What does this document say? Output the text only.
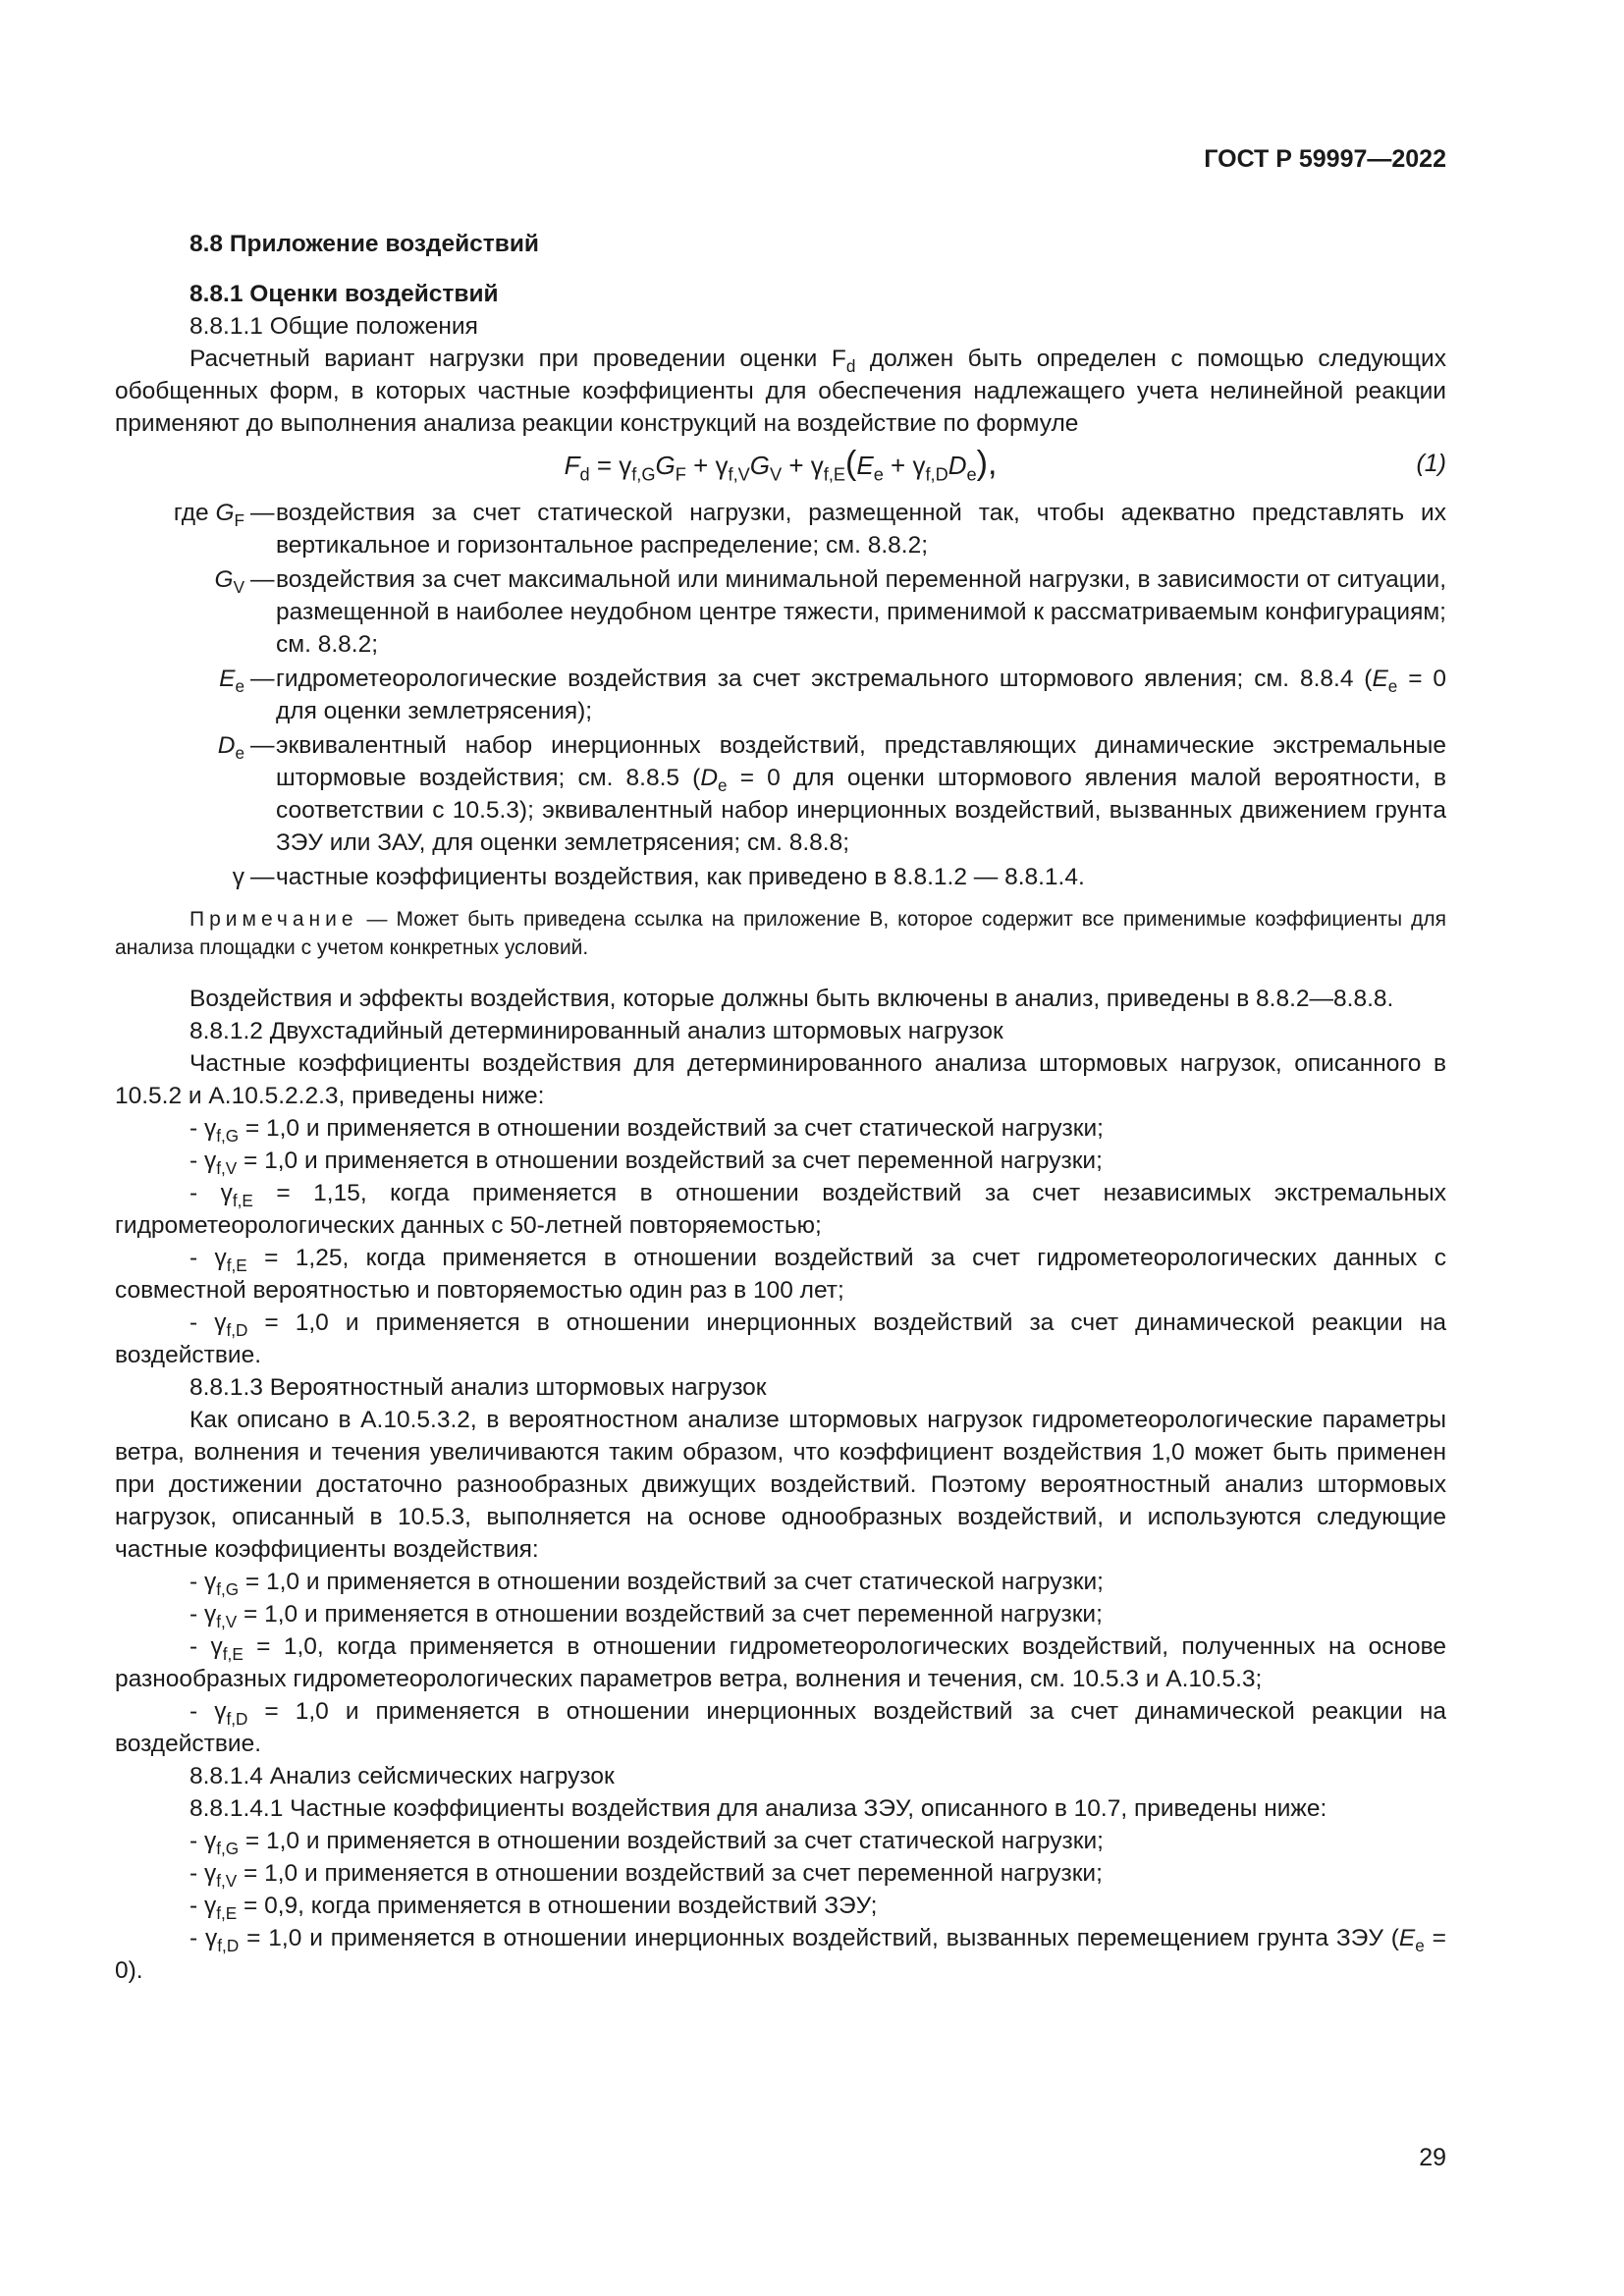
ГОСТ Р 59997—2022

8.8 Приложение воздействий

8.8.1 Оценки воздействий

8.8.1.1 Общие положения

Расчетный вариант нагрузки при проведении оценки $F_d$ должен быть определен с помощью следующих обобщенных форм, в которых частные коэффициенты для обеспечения надлежащего учета нелинейной реакции применяют до выполнения анализа реакции конструкций на воздействие по формуле

$F_d = \gamma_{f,G}G_F + \gamma_{f,V}G_V + \gamma_{f,E}(E_e + \gamma_{f,D}D_e)$,	(1)
где $G_F$ — воздействия за счет статической нагрузки, размещенной так, чтобы адекватно представлять их вертикальное и горизонтальное распределение; см. 8.8.2;
$G_V$ — воздействия за счет максимальной или минимальной переменной нагрузки, в зависимости от ситуации, размещенной в наиболее неудобном центре тяжести, применимой к рассматриваемым конфигурациям; см. 8.8.2;
$E_e$ — гидрометеорологические воздействия за счет экстремального штормового явления; см. 8.8.4 ($E_e = 0$ для оценки землетрясения);
$D_e$ — эквивалентный набор инерционных воздействий, представляющих динамические экстремальные штормовые воздействия; см. 8.8.5 ($D_e = 0$ для оценки штормового явления малой вероятности, в соответствии с 10.5.3); эквивалентный набор инерционных воздействий, вызванных движением грунта ЗЭУ или ЗАУ, для оценки землетрясения; см. 8.8.8;
γ — частные коэффициенты воздействия, как приведено в 8.8.1.2 — 8.8.1.4.

Примечание — Может быть приведена ссылка на приложение В, которое содержит все применимые коэффициенты для анализа площадки с учетом конкретных условий.

Воздействия и эффекты воздействия, которые должны быть включены в анализ, приведены в 8.8.2—8.8.8.

8.8.1.2 Двухстадийный детерминированный анализ штормовых нагрузок

Частные коэффициенты воздействия для детерминированного анализа штормовых нагрузок, описанного в 10.5.2 и А.10.5.2.2.3, приведены ниже:

- $\gamma_{f,G} = 1,0$ и применяется в отношении воздействий за счет статической нагрузки;

- $\gamma_{f,V} = 1,0$ и применяется в отношении воздействий за счет переменной нагрузки;

- $\gamma_{f,E} = 1,15$, когда применяется в отношении воздействий за счет независимых экстремальных гидрометеорологических данных с 50-летней повторяемостью;

- $\gamma_{f,E} = 1,25$, когда применяется в отношении воздействий за счет гидрометеорологических данных с совместной вероятностью и повторяемостью один раз в 100 лет;

- $\gamma_{f,D} = 1,0$ и применяется в отношении инерционных воздействий за счет динамической реакции на воздействие.

8.8.1.3 Вероятностный анализ штормовых нагрузок

Как описано в А.10.5.3.2, в вероятностном анализе штормовых нагрузок гидрометеорологические параметры ветра, волнения и течения увеличиваются таким образом, что коэффициент воздействия 1,0 может быть применен при достижении достаточно разнообразных движущих воздействий. Поэтому вероятностный анализ штормовых нагрузок, описанный в 10.5.3, выполняется на основе однообразных воздействий, и используются следующие частные коэффициенты воздействия:

- $\gamma_{f,G} = 1,0$ и применяется в отношении воздействий за счет статической нагрузки;

- $\gamma_{f,V} = 1,0$ и применяется в отношении воздействий за счет переменной нагрузки;

- $\gamma_{f,E} = 1,0$, когда применяется в отношении гидрометеорологических воздействий, полученных на основе разнообразных гидрометеорологических параметров ветра, волнения и течения, см. 10.5.3 и А.10.5.3;

- $\gamma_{f,D} = 1,0$ и применяется в отношении инерционных воздействий за счет динамической реакции на воздействие.

8.8.1.4 Анализ сейсмических нагрузок

8.8.1.4.1 Частные коэффициенты воздействия для анализа ЗЭУ, описанного в 10.7, приведены ниже:

- $\gamma_{f,G} = 1,0$ и применяется в отношении воздействий за счет статической нагрузки;

- $\gamma_{f,V} = 1,0$ и применяется в отношении воздействий за счет переменной нагрузки;

- $\gamma_{f,E} = 0,9$, когда применяется в отношении воздействий ЗЭУ;

- $\gamma_{f,D} = 1,0$ и применяется в отношении инерционных воздействий, вызванных перемещением грунта ЗЭУ $(E_e = 0)$.

29
